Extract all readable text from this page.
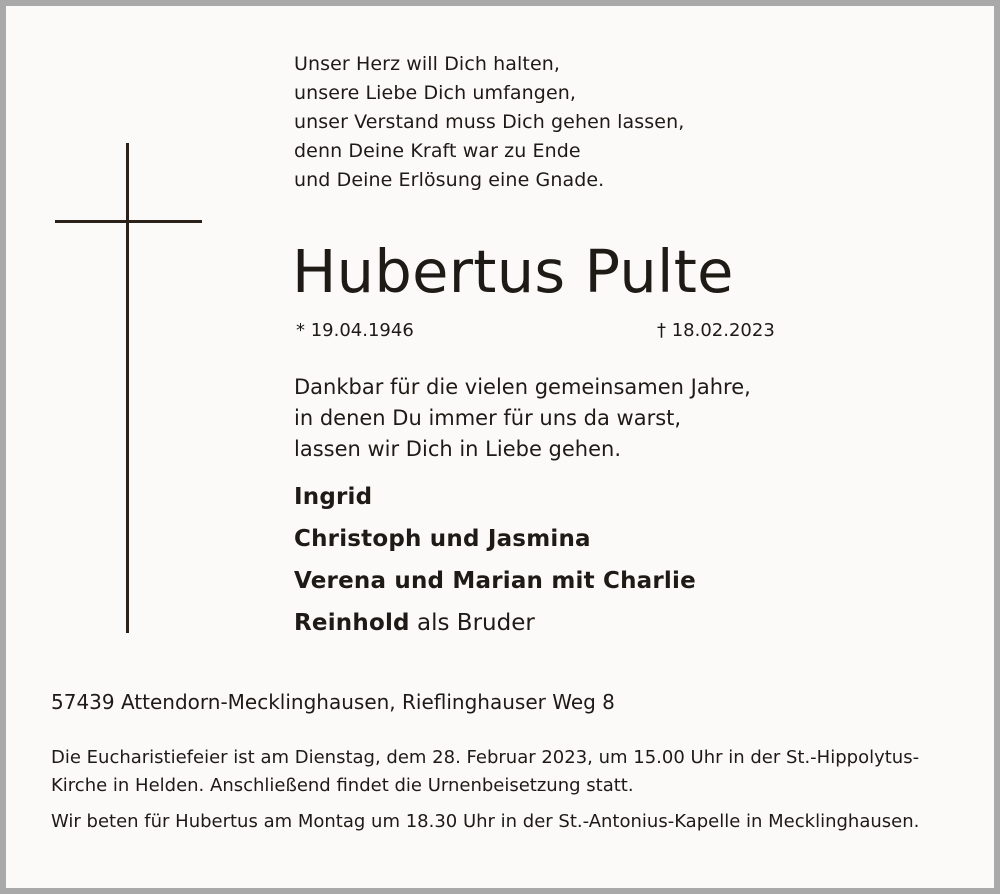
Unser Herz will Dich halten,
unsere Liebe Dich umfangen,
unser Verstand muss Dich gehen lassen,
denn Deine Kraft war zu Ende
und Deine Erlösung eine Gnade.
Hubertus Pulte
* 19.04.1946	† 18.02.2023
Dankbar für die vielen gemeinsamen Jahre,
in denen Du immer für uns da warst,
lassen wir Dich in Liebe gehen.
Ingrid
Christoph und Jasmina
Verena und Marian mit Charlie
Reinhold als Bruder
57439 Attendorn-Mecklinghausen, Rieflinghauser Weg 8

Die Eucharistiefeier ist am Dienstag, dem 28. Februar 2023, um 15.00 Uhr in der St.-Hippolytus-Kirche in Helden. Anschließend findet die Urnenbeisetzung statt.

Wir beten für Hubertus am Montag um 18.30 Uhr in der St.-Antonius-Kapelle in Mecklinghausen.
